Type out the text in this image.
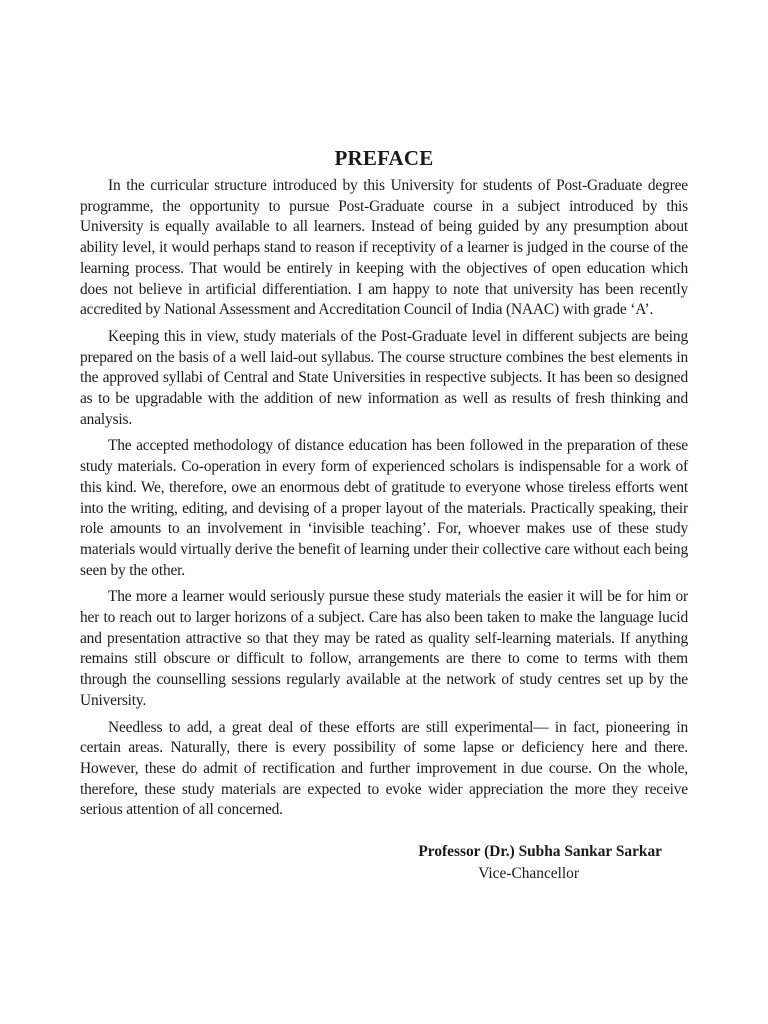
PREFACE

In the curricular structure introduced by this University for students of Post-Graduate degree programme, the opportunity to pursue Post-Graduate course in a subject introduced by this University is equally available to all learners. Instead of being guided by any presumption about ability level, it would perhaps stand to reason if receptivity of a learner is judged in the course of the learning process. That would be entirely in keeping with the objectives of open education which does not believe in artificial differentiation. I am happy to note that university has been recently accredited by National Assessment and Accreditation Council of India (NAAC) with grade ‘A’.

Keeping this in view, study materials of the Post-Graduate level in different subjects are being prepared on the basis of a well laid-out syllabus. The course structure combines the best elements in the approved syllabi of Central and State Universities in respective subjects. It has been so designed as to be upgradable with the addition of new information as well as results of fresh thinking and analysis.

The accepted methodology of distance education has been followed in the preparation of these study materials. Co-operation in every form of experienced scholars is indispensable for a work of this kind. We, therefore, owe an enormous debt of gratitude to everyone whose tireless efforts went into the writing, editing, and devising of a proper layout of the materials. Practically speaking, their role amounts to an involvement in ‘invisible teaching’. For, whoever makes use of these study materials would virtually derive the benefit of learning under their collective care without each being seen by the other.

The more a learner would seriously pursue these study materials the easier it will be for him or her to reach out to larger horizons of a subject. Care has also been taken to make the language lucid and presentation attractive so that they may be rated as quality self-learning materials. If anything remains still obscure or difficult to follow, arrangements are there to come to terms with them through the counselling sessions regularly available at the network of study centres set up by the University.

Needless to add, a great deal of these efforts are still experimental— in fact, pioneering in certain areas. Naturally, there is every possibility of some lapse or deficiency here and there. However, these do admit of rectification and further improvement in due course. On the whole, therefore, these study materials are expected to evoke wider appreciation the more they receive serious attention of all concerned.

Professor (Dr.) Subha Sankar Sarkar
Vice-Chancellor
